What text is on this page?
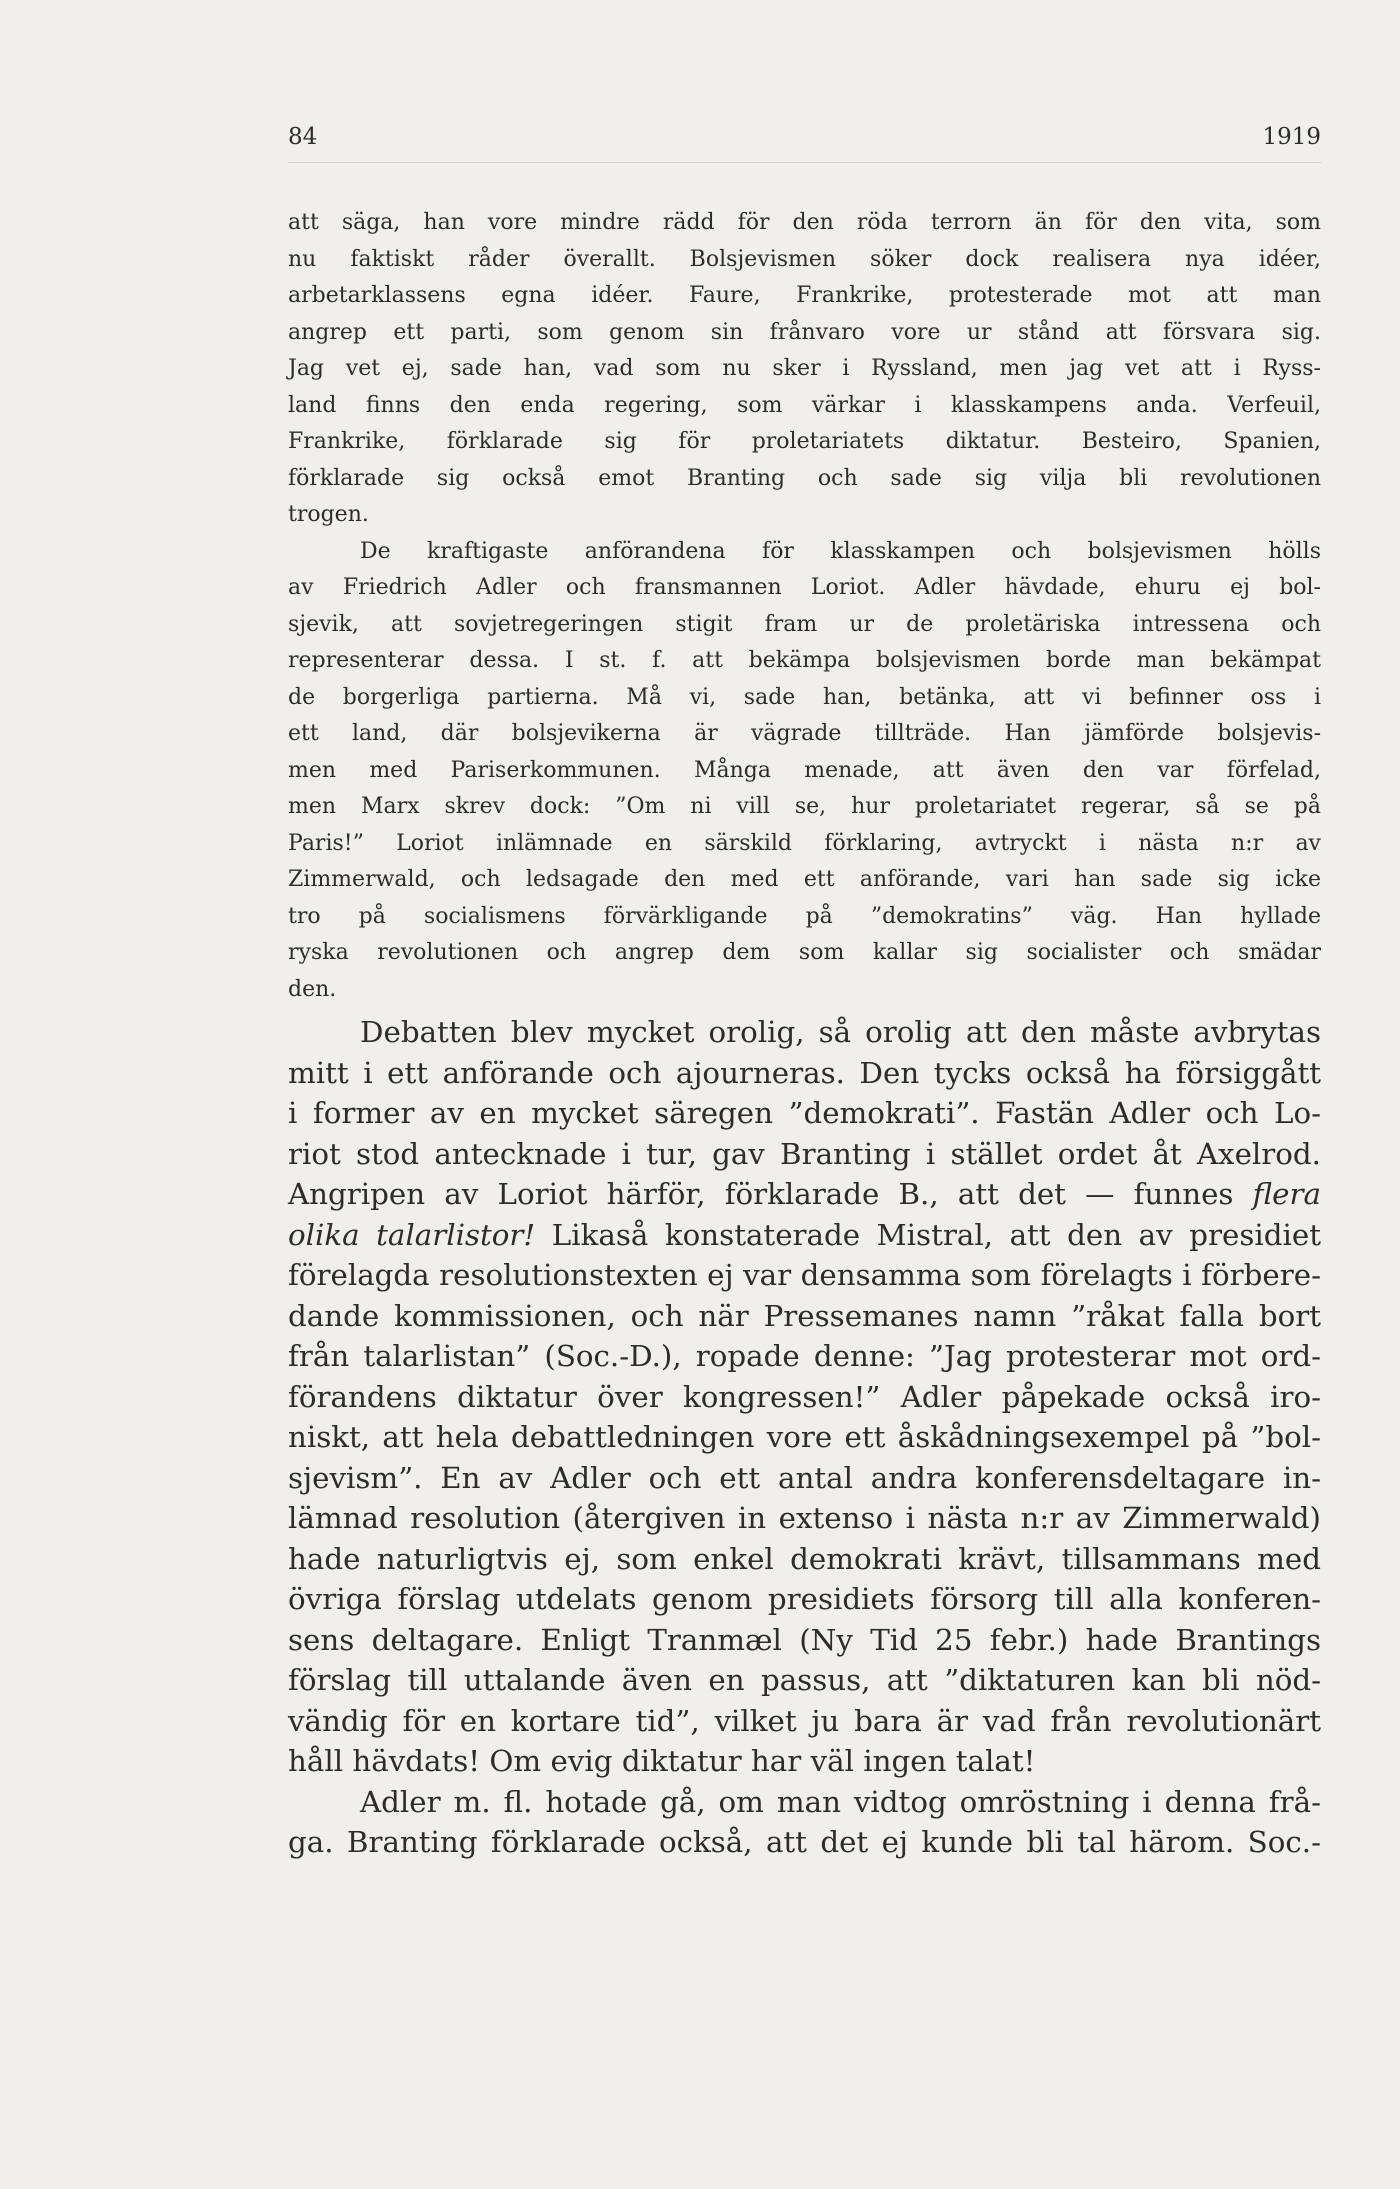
84	1919
att säga, han vore mindre rädd för den röda terrorn än för den vita, som
nu faktiskt råder överallt. Bolsjevismen söker dock realisera nya idéer,
arbetarklassens egna idéer. Faure, Frankrike, protesterade mot att man
angrep ett parti, som genom sin frånvaro vore ur stånd att försvara sig.
Jag vet ej, sade han, vad som nu sker i Ryssland, men jag vet att i Ryss-
land finns den enda regering, som värkar i klasskampens anda. Verfeuil,
Frankrike, förklarade sig för proletariatets diktatur. Besteiro, Spanien,
förklarade sig också emot Branting och sade sig vilja bli revolutionen
trogen.
De kraftigaste anförandena för klasskampen och bolsjevismen hölls
av Friedrich Adler och fransmannen Loriot. Adler hävdade, ehuru ej bol-
sjevik, att sovjetregeringen stigit fram ur de proletäriska intressena och
representerar dessa. I st. f. att bekämpa bolsjevismen borde man bekämpat
de borgerliga partierna. Må vi, sade han, betänka, att vi befinner oss i
ett land, där bolsjevikerna är vägrade tillträde. Han jämförde bolsjevis-
men med Pariserkommunen. Många menade, att även den var förfelad,
men Marx skrev dock: ”Om ni vill se, hur proletariatet regerar, så se på
Paris!” Loriot inlämnade en särskild förklaring, avtryckt i nästa n:r av
Zimmerwald, och ledsagade den med ett anförande, vari han sade sig icke
tro på socialismens förvärkligande på ”demokratins” väg. Han hyllade
ryska revolutionen och angrep dem som kallar sig socialister och smädar
den.
Debatten blev mycket orolig, så orolig att den måste avbrytas
mitt i ett anförande och ajourneras. Den tycks också ha försiggått
i former av en mycket säregen ”demokrati”. Fastän Adler och Lo-
riot stod antecknade i tur, gav Branting i stället ordet åt Axelrod.
Angripen av Loriot härför, förklarade B., att det — funnes flera
olika talarlistor! Likaså konstaterade Mistral, att den av presidiet
förelagda resolutionstexten ej var densamma som förelagts i förbere-
dande kommissionen, och när Pressemanes namn ”råkat falla bort
från talarlistan” (Soc.-D.), ropade denne: ”Jag protesterar mot ord-
förandens diktatur över kongressen!” Adler påpekade också iro-
niskt, att hela debattledningen vore ett åskådningsexempel på ”bol-
sjevism”. En av Adler och ett antal andra konferensdeltagare in-
lämnad resolution (återgiven in extenso i nästa n:r av Zimmerwald)
hade naturligtvis ej, som enkel demokrati krävt, tillsammans med
övriga förslag utdelats genom presidiets försorg till alla konferen-
sens deltagare. Enligt Tranmæl (Ny Tid 25 febr.) hade Brantings
förslag till uttalande även en passus, att ”diktaturen kan bli nöd-
vändig för en kortare tid”, vilket ju bara är vad från revolutionärt
håll hävdats! Om evig diktatur har väl ingen talat!
Adler m. fl. hotade gå, om man vidtog omröstning i denna frå-
ga. Branting förklarade också, att det ej kunde bli tal härom. Soc.-
